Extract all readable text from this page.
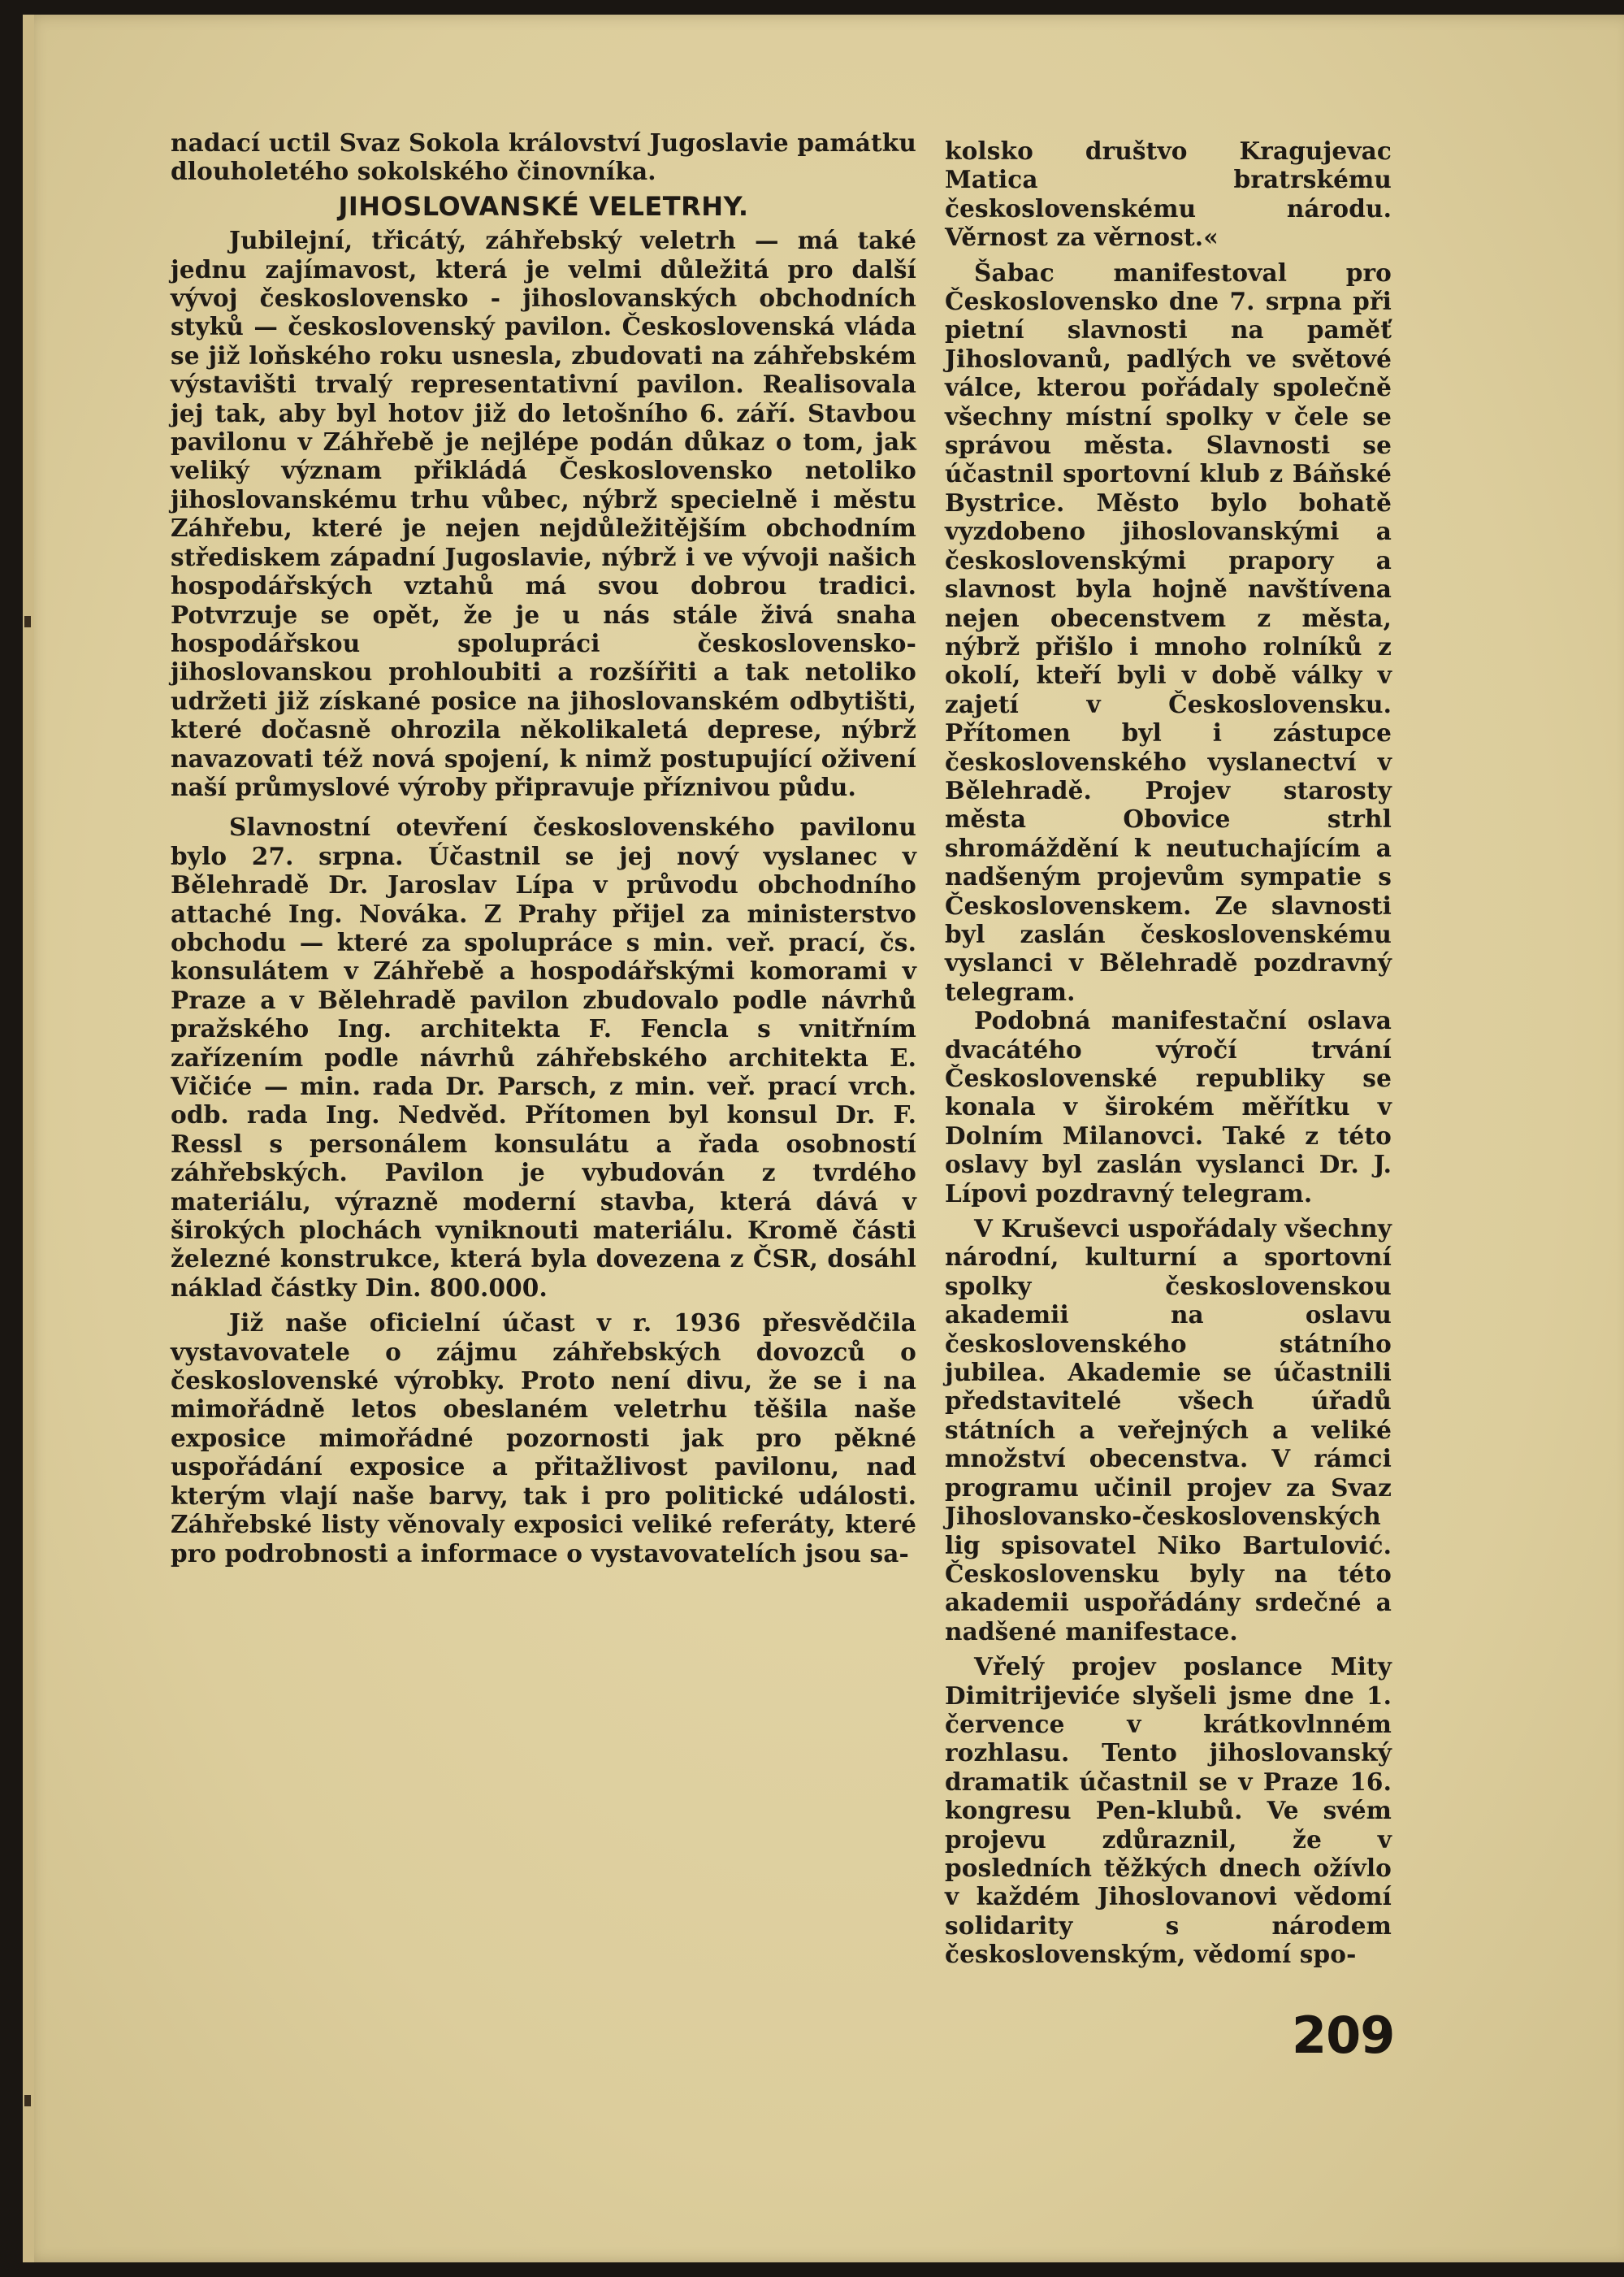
nadací uctil Svaz Sokola království Jugoslavie památku dlouholetého sokolského činovníka.

JIHOSLOVANSKÉ VELETRHY.

Jubilejní, třicátý, záhřebský veletrh — má také jednu zajímavost, která je velmi důležitá pro další vývoj československo - jihoslovanských obchodních styků — československý pavilon. Československá vláda se již loňského roku usnesla, zbudovati na záhřebském výstavišti trvalý representativní pavilon. Realisovala jej tak, aby byl hotov již do letošního 6. září. Stavbou pavilonu v Záhřebě je nejlépe podán důkaz o tom, jak veliký význam přikládá Československo netoliko jihoslovanskému trhu vůbec, nýbrž specielně i městu Záhřebu, které je nejen nejdůležitějším obchodním střediskem západní Jugoslavie, nýbrž i ve vývoji našich hospodářských vztahů má svou dobrou tradici. Potvrzuje se opět, že je u nás stále živá snaha hospodářskou spolupráci československo-jihoslovanskou prohloubiti a rozšířiti a tak netoliko udržeti již získané posice na jihoslovanském odbytišti, které dočasně ohrozila několikaletá deprese, nýbrž navazovati též nová spojení, k nimž postupující oživení naší průmyslové výroby připravuje příznivou půdu.

Slavnostní otevření československého pavilonu bylo 27. srpna. Účastnil se jej nový vyslanec v Bělehradě Dr. Jaroslav Lípa v průvodu obchodního attaché Ing. Nováka. Z Prahy přijel za ministerstvo obchodu — které za spolupráce s min. veř. prací, čs. konsulátem v Záhřebě a hospodářskými komorami v Praze a v Bělehradě pavilon zbudovalo podle návrhů pražského Ing. architekta F. Fencla s vnitřním zařízením podle návrhů záhřebského architekta E. Vičiće — min. rada Dr. Parsch, z min. veř. prací vrch. odb. rada Ing. Nedvěd. Přítomen byl konsul Dr. F. Ressl s personálem konsulátu a řada osobností záhřebských. Pavilon je vybudován z tvrdého materiálu, výrazně moderní stavba, která dává v širokých plochách vyniknouti materiálu. Kromě části železné konstrukce, která byla dovezena z ČSR, dosáhl náklad částky Din. 800.000.

Již naše oficielní účast v r. 1936 přesvědčila vystavovatele o zájmu záhřebských dovozců o československé výrobky. Proto není divu, že se i na mimořádně letos obeslaném veletrhu těšila naše exposice mimořádné pozornosti jak pro pěkné uspořádání exposice a přitažlivost pavilonu, nad kterým vlají naše barvy, tak i pro politické události. Záhřebské listy věnovaly exposici veliké referáty, které pro podrobnosti a informace o vystavovatelích jsou sa-

kolsko društvo Kragujevac Matica bratrskému československému národu. Věrnost za věrnost.«

Šabac manifestoval pro Československo dne 7. srpna při pietní slavnosti na paměť Jihoslovanů, padlých ve světové válce, kterou pořádaly společně všechny místní spolky v čele se správou města. Slavnosti se účastnil sportovní klub z Báňské Bystrice. Město bylo bohatě vyzdobeno jihoslovanskými a československými prapory a slavnost byla hojně navštívena nejen obecenstvem z města, nýbrž přišlo i mnoho rolníků z okolí, kteří byli v době války v zajetí v Československu. Přítomen byl i zástupce československého vyslanectví v Bělehradě. Projev starosty města Obovice strhl shromáždění k neutuchajícím a nadšeným projevům sympatie s Československem. Ze slavnosti byl zaslán československému vyslanci v Bělehradě pozdravný telegram.

Podobná manifestační oslava dvacátého výročí trvání Československé republiky se konala v širokém měřítku v Dolním Milanovci. Také z této oslavy byl zaslán vyslanci Dr. J. Lípovi pozdravný telegram.

V Kruševci uspořádaly všechny národní, kulturní a sportovní spolky československou akademii na oslavu československého státního jubilea. Akademie se účastnili představitelé všech úřadů státních a veřejných a veliké množství obecenstva. V rámci programu učinil projev za Svaz Jihoslovansko-československých lig spisovatel Niko Bartulović. Československu byly na této akademii uspořádány srdečné a nadšené manifestace.

Vřelý projev poslance Mity Dimitrijeviće slyšeli jsme dne 1. července v krátkovlnném rozhlasu. Tento jihoslovanský dramatik účastnil se v Praze 16. kongresu Pen-klubů. Ve svém projevu zdůraznil, že v posledních těžkých dnech ožívlo v každém Jihoslovanovi vědomí solidarity s národem československým, vědomí spo-

209
